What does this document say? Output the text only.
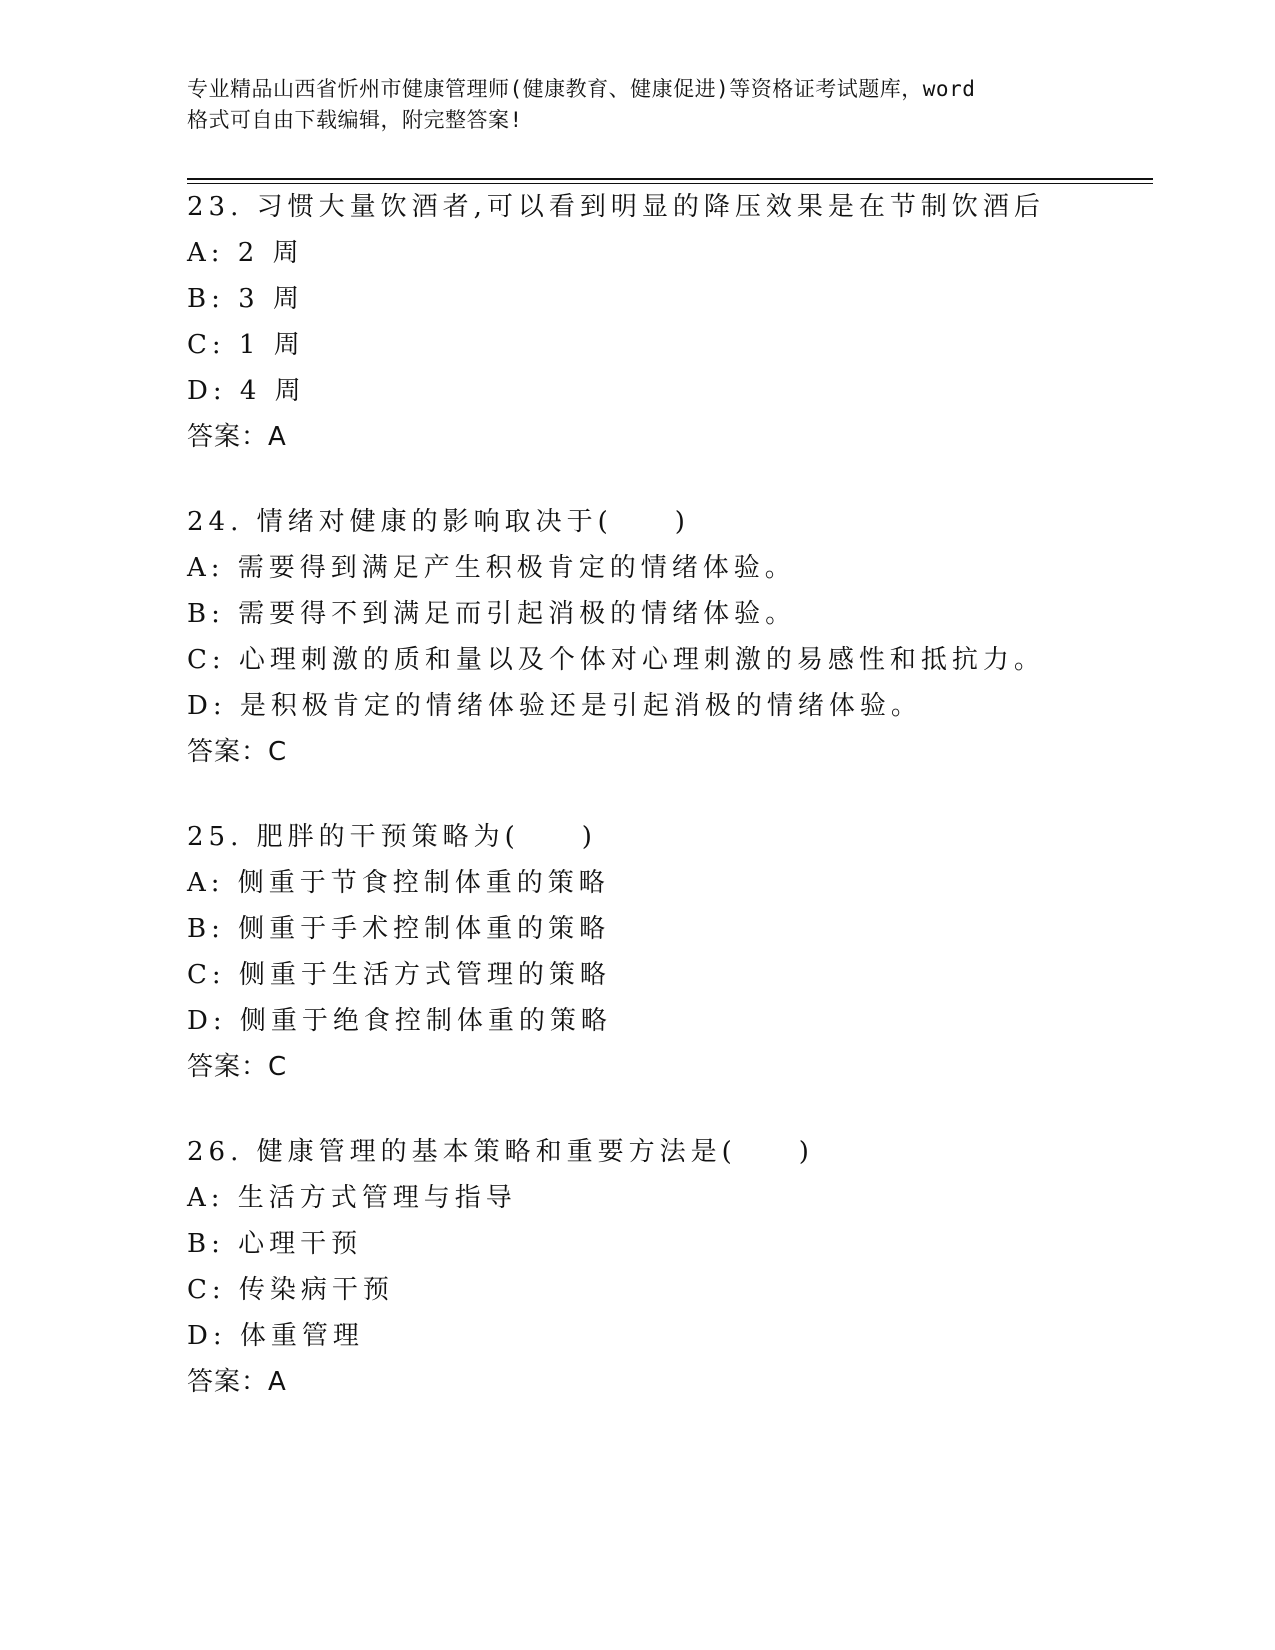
专业精品山西省忻州市健康管理师(健康教育、健康促进)等资格证考试题库，word
格式可自由下载编辑，附完整答案!
23. 习惯大量饮酒者,可以看到明显的降压效果是在节制饮酒后
A: 2 周
B: 3 周
C: 1 周
D: 4 周
答案：A
24. 情绪对健康的影响取决于(　　)
A: 需要得到满足产生积极肯定的情绪体验。
B: 需要得不到满足而引起消极的情绪体验。
C: 心理刺激的质和量以及个体对心理刺激的易感性和抵抗力。
D: 是积极肯定的情绪体验还是引起消极的情绪体验。
答案：C
25. 肥胖的干预策略为(　　)
A: 侧重于节食控制体重的策略
B: 侧重于手术控制体重的策略
C: 侧重于生活方式管理的策略
D: 侧重于绝食控制体重的策略
答案：C
26. 健康管理的基本策略和重要方法是(　　)
A: 生活方式管理与指导
B: 心理干预
C: 传染病干预
D: 体重管理
答案：A
